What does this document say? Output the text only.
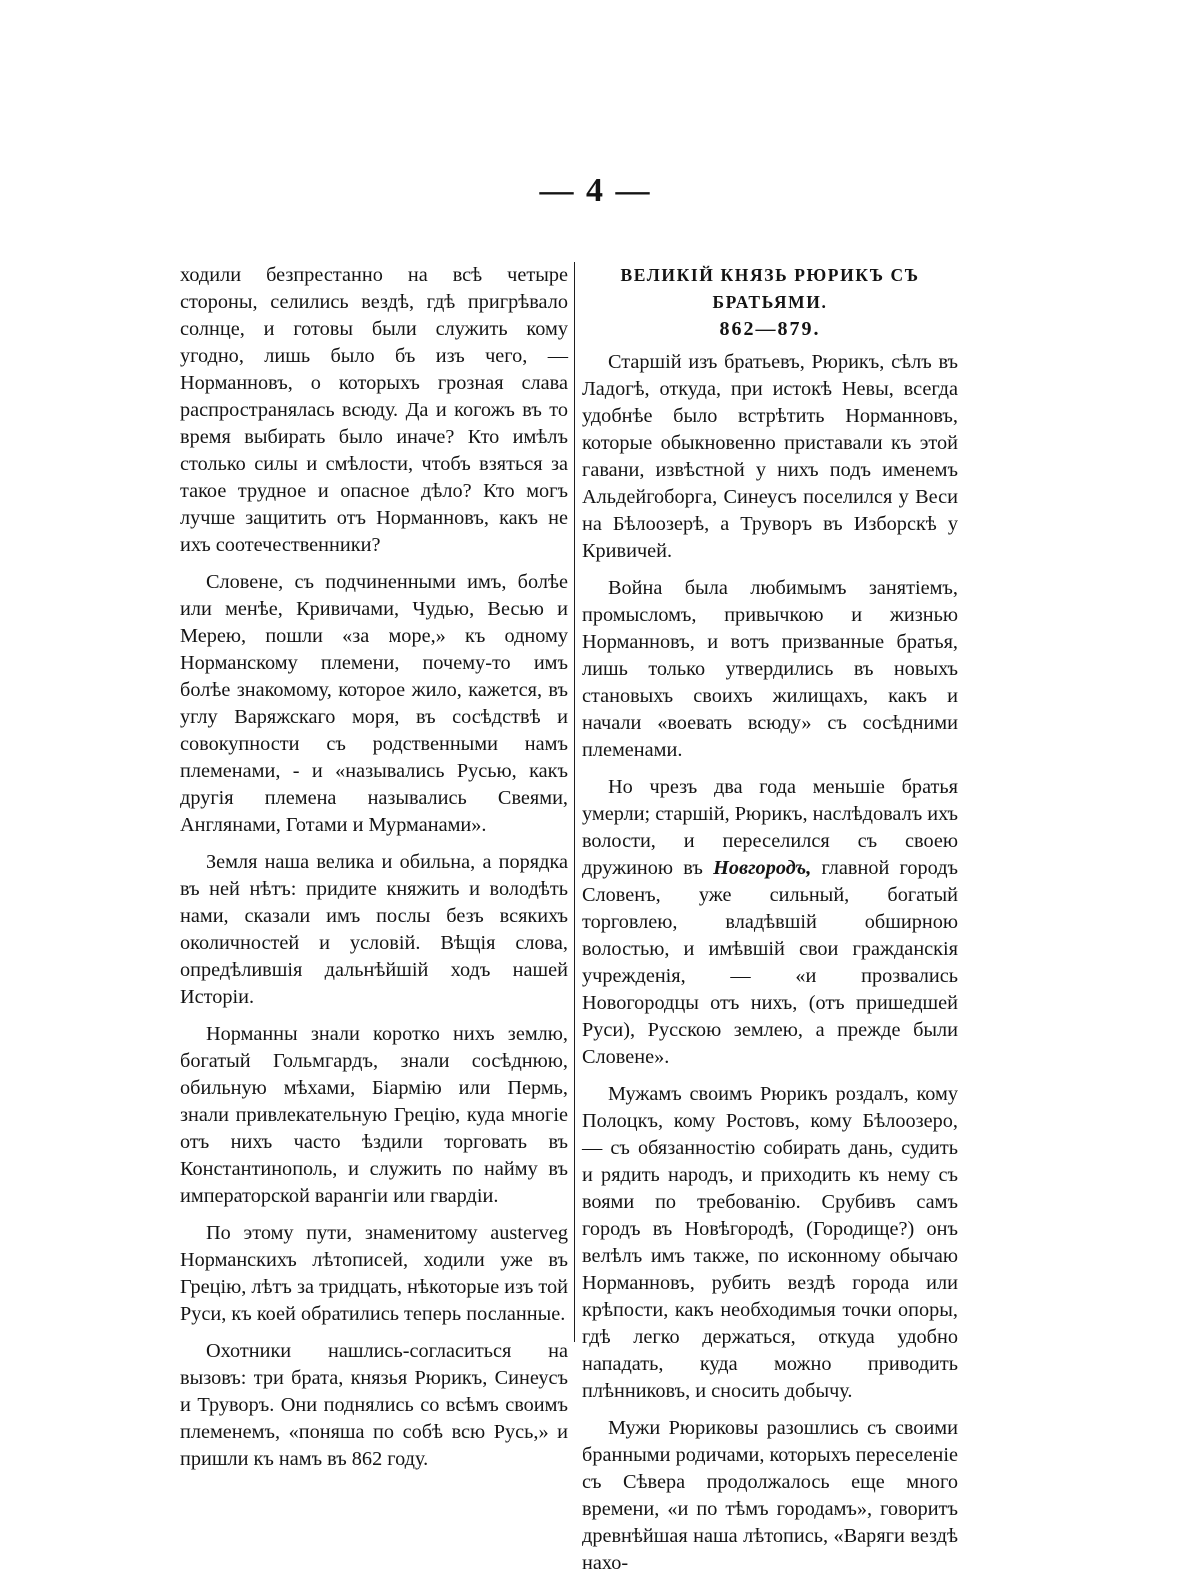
— 4 —

ходили безпрестанно на всѣ четыре стороны, селились вездѣ, гдѣ пригрѣвало солнце, и готовы были служить кому угодно, лишь было бъ изъ чего, — Норманновъ, о которыхъ грозная слава распространялась всюду. Да и когожъ въ то время выбирать было иначе? Кто имѣлъ столько силы и смѣлости, чтобъ взяться за такое трудное и опасное дѣло? Кто могъ лучше защитить отъ Норманновъ, какъ не ихъ соотечественники?

Словене, съ подчиненными имъ, болѣе или менѣе, Кривичами, Чудью, Весью и Мерею, пошли «за море,» къ одному Норманскому племени, почему-то имъ болѣе знакомому, которое жило, кажется, въ углу Варяжскаго моря, въ сосѣдствѣ и совокупности съ родственными намъ племенами, - и «назывались Русью, какъ другія племена назывались Свеями, Англянами, Готами и Мурманами».

Земля наша велика и обильна, а порядка въ ней нѣтъ: придите княжить и володѣть нами, сказали имъ послы безъ всякихъ околичностей и условій. Вѣщія слова, опредѣлившія дальнѣйшій ходъ нашей Исторіи.

Норманны знали коротко нихъ землю, богатый Гольмгардъ, знали сосѣднюю, обильную мѣхами, Біармію или Пермь, знали привлекательную Грецію, куда многіе отъ нихъ часто ѣздили торговать въ Константинополь, и служить по найму въ императорской варангіи или гвардіи.

По этому пути, знаменитому austerveg Норманскихъ лѣтописей, ходили уже въ Грецію, лѣтъ за тридцать, нѣкоторые изъ той Руси, къ коей обратились теперь посланные.

Охотники нашлись-согласиться на вызовъ: три брата, князья Рюрикъ, Синеусъ и Труворъ. Они поднялись со всѣмъ своимъ племенемъ, «поняша по собѣ всю Русь,» и пришли къ намъ въ 862 году.

ВЕЛИКІЙ КНЯЗЬ РЮРИКЪ СЪ БРАТЬЯМИ.

862—879.

Старшій изъ братьевъ, Рюрикъ, сѣлъ въ Ладогѣ, откуда, при истокѣ Невы, всегда удобнѣе было встрѣтить Норманновъ, которые обыкновенно приставали къ этой гавани, извѣстной у нихъ подъ именемъ Альдейгоборга, Синеусъ поселился у Веси на Бѣлоозерѣ, а Труворъ въ Изборскѣ у Кривичей.

Война была любимымъ занятіемъ, промысломъ, привычкою и жизнью Норманновъ, и вотъ призванные братья, лишь только утвердились въ новыхъ становыхъ своихъ жилищахъ, какъ и начали «воевать всюду» съ сосѣдними племенами.

Но чрезъ два года меньшіе братья умерли; старшій, Рюрикъ, наслѣдовалъ ихъ волости, и переселился съ своею дружиною въ Новгородъ, главной городъ Словенъ, уже сильный, богатый торговлею, владѣвшій обширною волостью, и имѣвшій свои гражданскія учрежденія, — «и прозвались Новогородцы отъ нихъ, (отъ пришедшей Руси), Русскою землею, а прежде были Словене».

Мужамъ своимъ Рюрикъ роздалъ, кому Полоцкъ, кому Ростовъ, кому Бѣлоозеро, — съ обязанностію собирать дань, судить и рядить народъ, и приходить къ нему съ воями по требованію. Срубивъ самъ городъ въ Новѣгородѣ, (Городище?) онъ велѣлъ имъ также, по исконному обычаю Норманновъ, рубить вездѣ города или крѣпости, какъ необходимыя точки опоры, гдѣ легко держаться, откуда удобно нападать, куда можно приводить плѣнниковъ, и сносить добычу.

Мужи Рюриковы разошлись съ своими бранными родичами, которыхъ переселеніе съ Сѣвера продолжалось еще много времени, «и по тѣмъ городамъ», говоритъ древнѣйшая наша лѣтопись, «Варяги вездѣ нахо-
